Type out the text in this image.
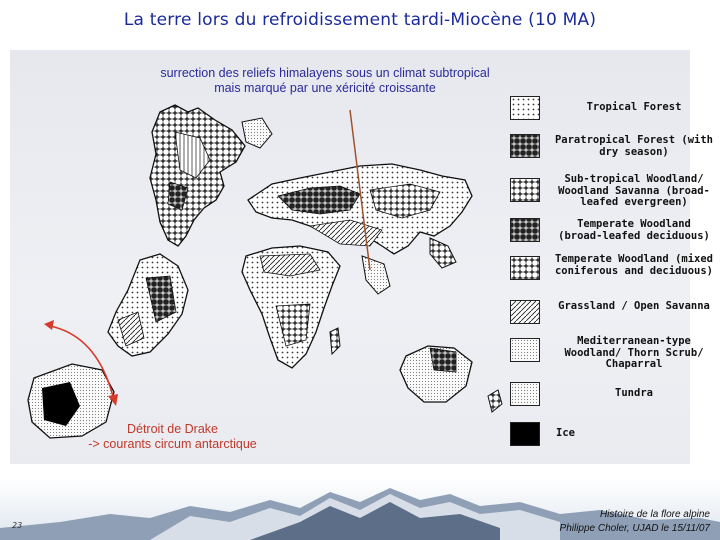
La terre lors du refroidissement tardi-Miocène (10 MA)
surrection des reliefs himalayens sous un climat subtropical
mais marqué par une xéricité croissante
Détroit de Drake
-> courants circum antarctique
Tropical Forest
Paratropical Forest (with dry season)
Sub-tropical Woodland/ Woodland Savanna (broad-leafed evergreen)
Temperate Woodland (broad-leafed deciduous)
Temperate Woodland (mixed coniferous and deciduous)
Grassland / Open Savanna
Mediterranean-type Woodland/ Thorn Scrub/ Chaparral
Tundra
Ice
23
Histoire de la flore alpine
Philippe Choler, UJAD le 15/11/07
